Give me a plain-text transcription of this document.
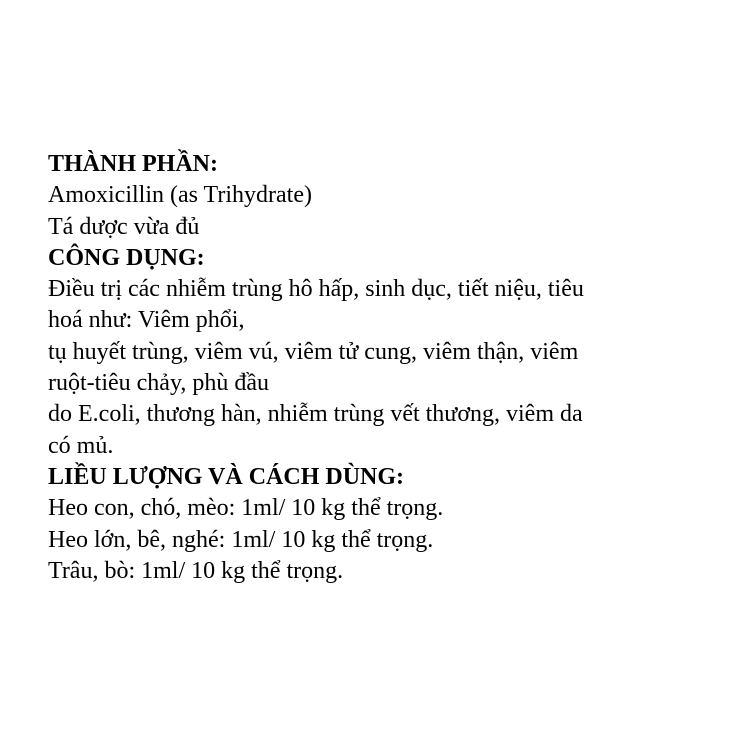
THÀNH PHẦN:
Amoxicillin (as Trihydrate)
Tá dược vừa đủ
CÔNG DỤNG:
Điều trị các nhiễm trùng hô hấp, sinh dục, tiết niệu, tiêu
hoá như: Viêm phổi,
tụ huyết trùng, viêm vú, viêm tử cung, viêm thận, viêm
ruột-tiêu chảy, phù đầu
do E.coli, thương hàn, nhiễm trùng vết thương, viêm da
có mủ.
LIỀU LƯỢNG VÀ CÁCH DÙNG:
Heo con, chó, mèo: 1ml/ 10 kg thể trọng.
Heo lớn, bê, nghé: 1ml/ 10 kg thể trọng.
Trâu, bò: 1ml/ 10 kg thể trọng.
